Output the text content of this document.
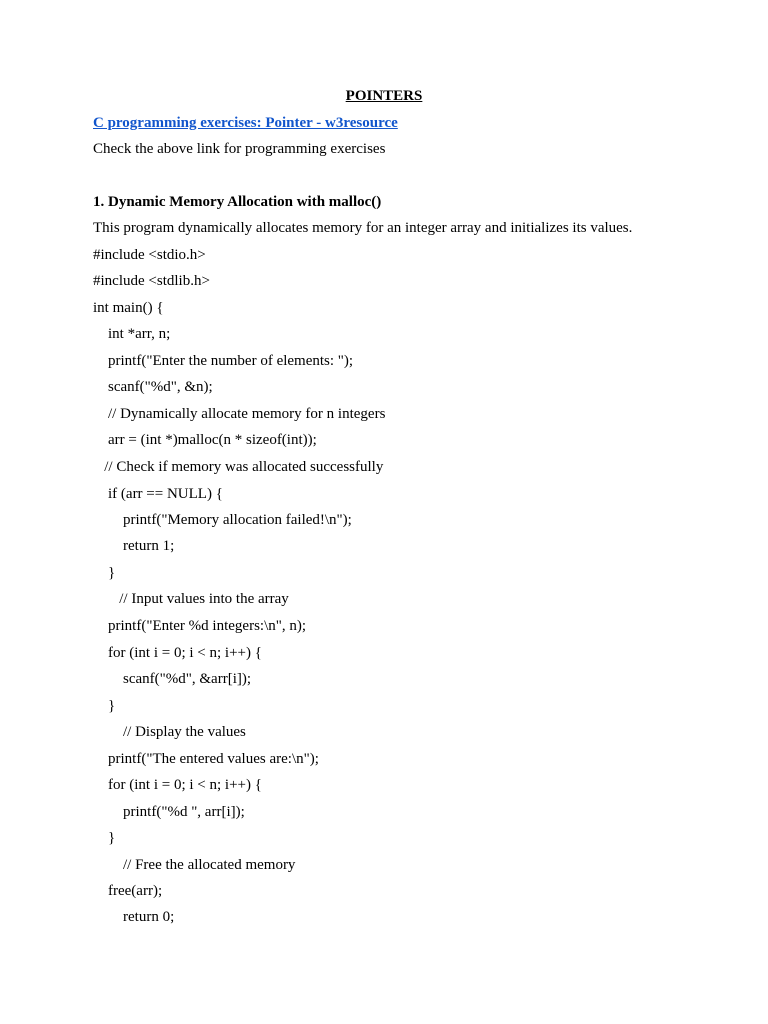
POINTERS
C programming exercises: Pointer - w3resource
Check the above link for programming exercises
1. Dynamic Memory Allocation with malloc()
This program dynamically allocates memory for an integer array and initializes its values.
#include <stdio.h>
#include <stdlib.h>
int main() {
int *arr, n;
printf("Enter the number of elements: ");
scanf("%d", &n);
// Dynamically allocate memory for n integers
arr = (int *)malloc(n * sizeof(int));
// Check if memory was allocated successfully
if (arr == NULL) {
printf("Memory allocation failed!\n");
return 1;
}
// Input values into the array
printf("Enter %d integers:\n", n);
for (int i = 0; i < n; i++) {
scanf("%d", &arr[i]);
}
// Display the values
printf("The entered values are:\n");
for (int i = 0; i < n; i++) {
printf("%d ", arr[i]);
}
// Free the allocated memory
free(arr);
return 0;
